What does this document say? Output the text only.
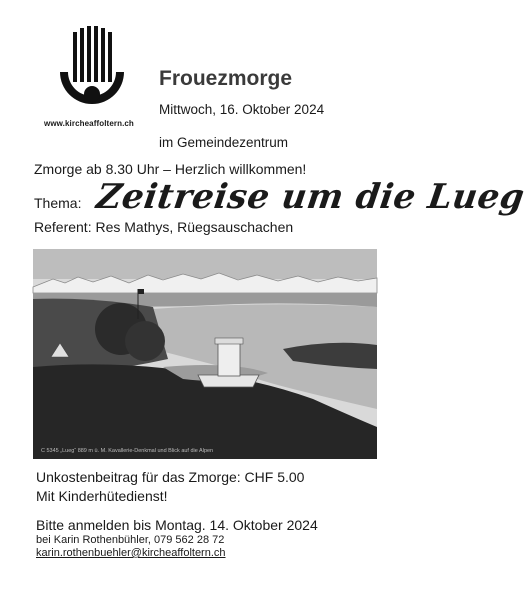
www.kircheaffoltern.ch
Frouezmorge
Mittwoch, 16. Oktober 2024
im Gemeindezentrum
Zmorge ab 8.30 Uhr – Herzlich willkommen!
Thema: Zeitreise um die Lueg
Referent: Res Mathys, Rüegsauschachen
C 5345 „Lueg“ 889 m ü. M. Kavallerie-Denkmal und Blick auf die Alpen
Unkostenbeitrag für das Zmorge: CHF 5.00
Mit Kinderhütedienst!
Bitte anmelden bis Montag. 14. Oktober 2024
bei Karin Rothenbühler, 079 562 28 72
karin.rothenbuehler@kircheaffoltern.ch
